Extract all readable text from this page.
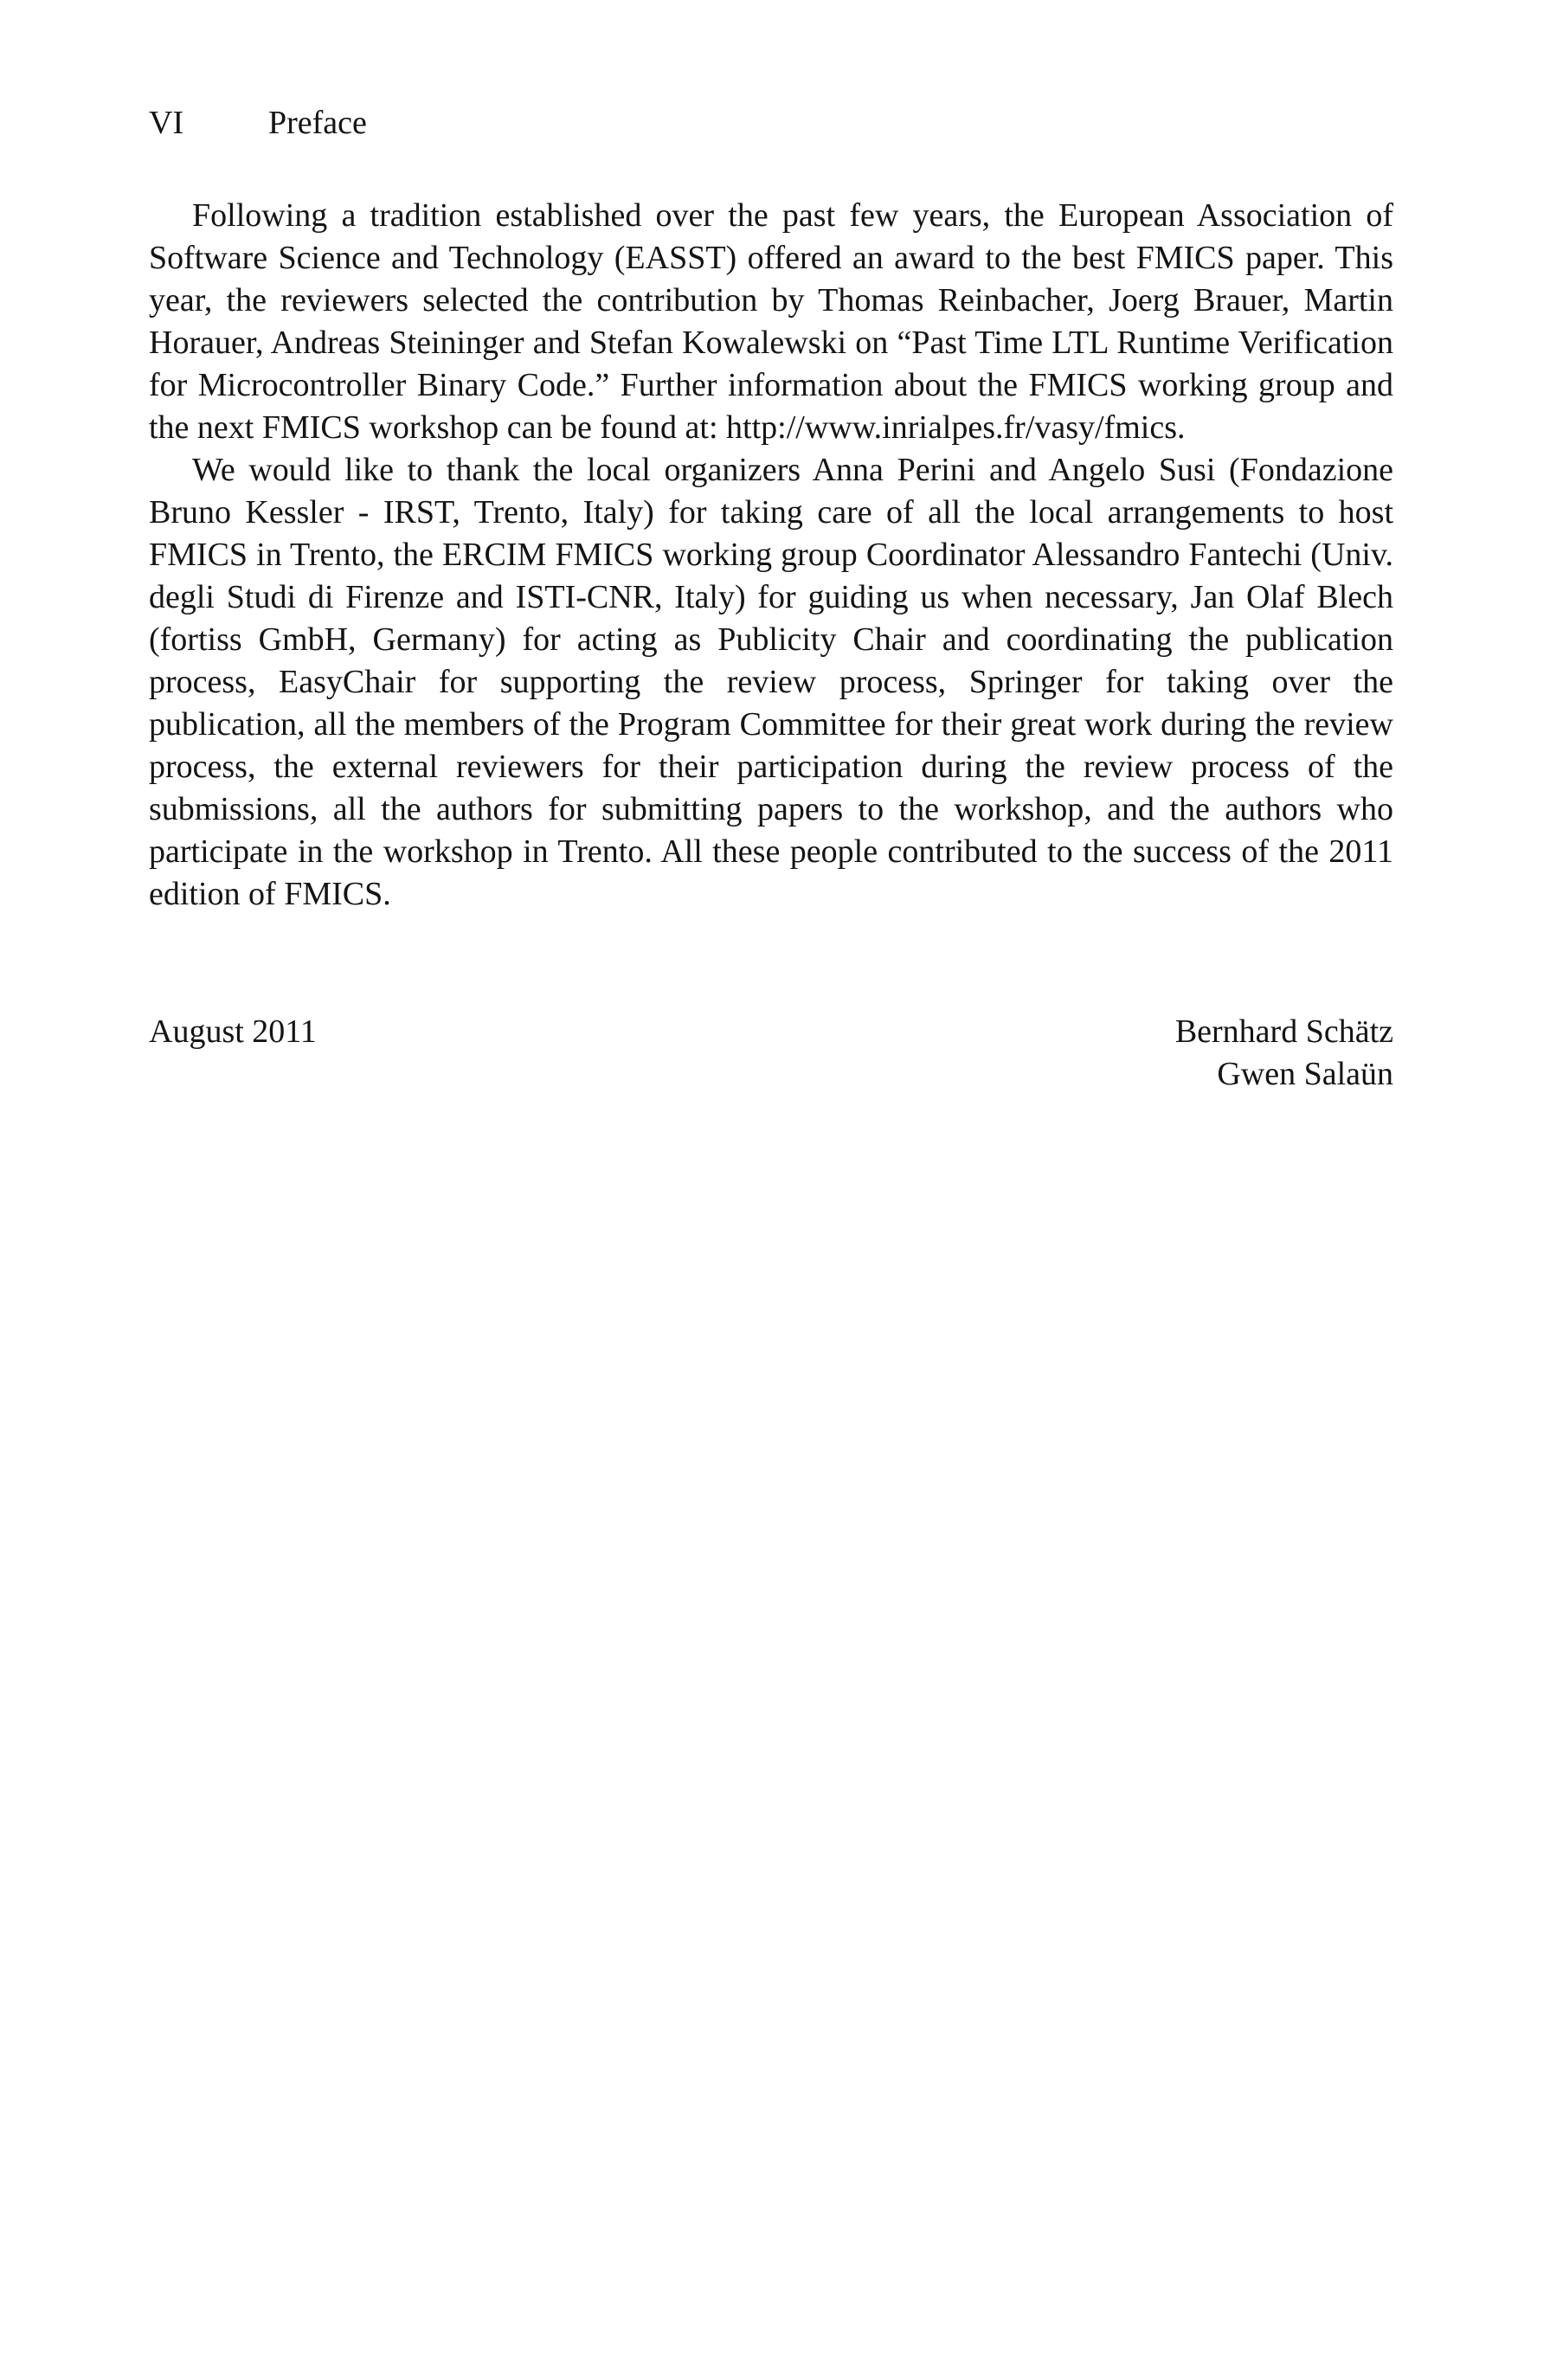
VI	Preface

Following a tradition established over the past few years, the European Association of Software Science and Technology (EASST) offered an award to the best FMICS paper. This year, the reviewers selected the contribution by Thomas Reinbacher, Joerg Brauer, Martin Horauer, Andreas Steininger and Stefan Kowalewski on “Past Time LTL Runtime Verification for Microcontroller Binary Code.” Further information about the FMICS working group and the next FMICS workshop can be found at: http://www.inrialpes.fr/vasy/fmics.

We would like to thank the local organizers Anna Perini and Angelo Susi (Fondazione Bruno Kessler - IRST, Trento, Italy) for taking care of all the local arrangements to host FMICS in Trento, the ERCIM FMICS working group Coordinator Alessandro Fantechi (Univ. degli Studi di Firenze and ISTI-CNR, Italy) for guiding us when necessary, Jan Olaf Blech (fortiss GmbH, Germany) for acting as Publicity Chair and coordinating the publication process, EasyChair for supporting the review process, Springer for taking over the publication, all the members of the Program Committee for their great work during the review process, the external reviewers for their participation during the review process of the submissions, all the authors for submitting papers to the workshop, and the authors who participate in the workshop in Trento. All these people contributed to the success of the 2011 edition of FMICS.

August 2011	Bernhard Schätz
Gwen Salaün
